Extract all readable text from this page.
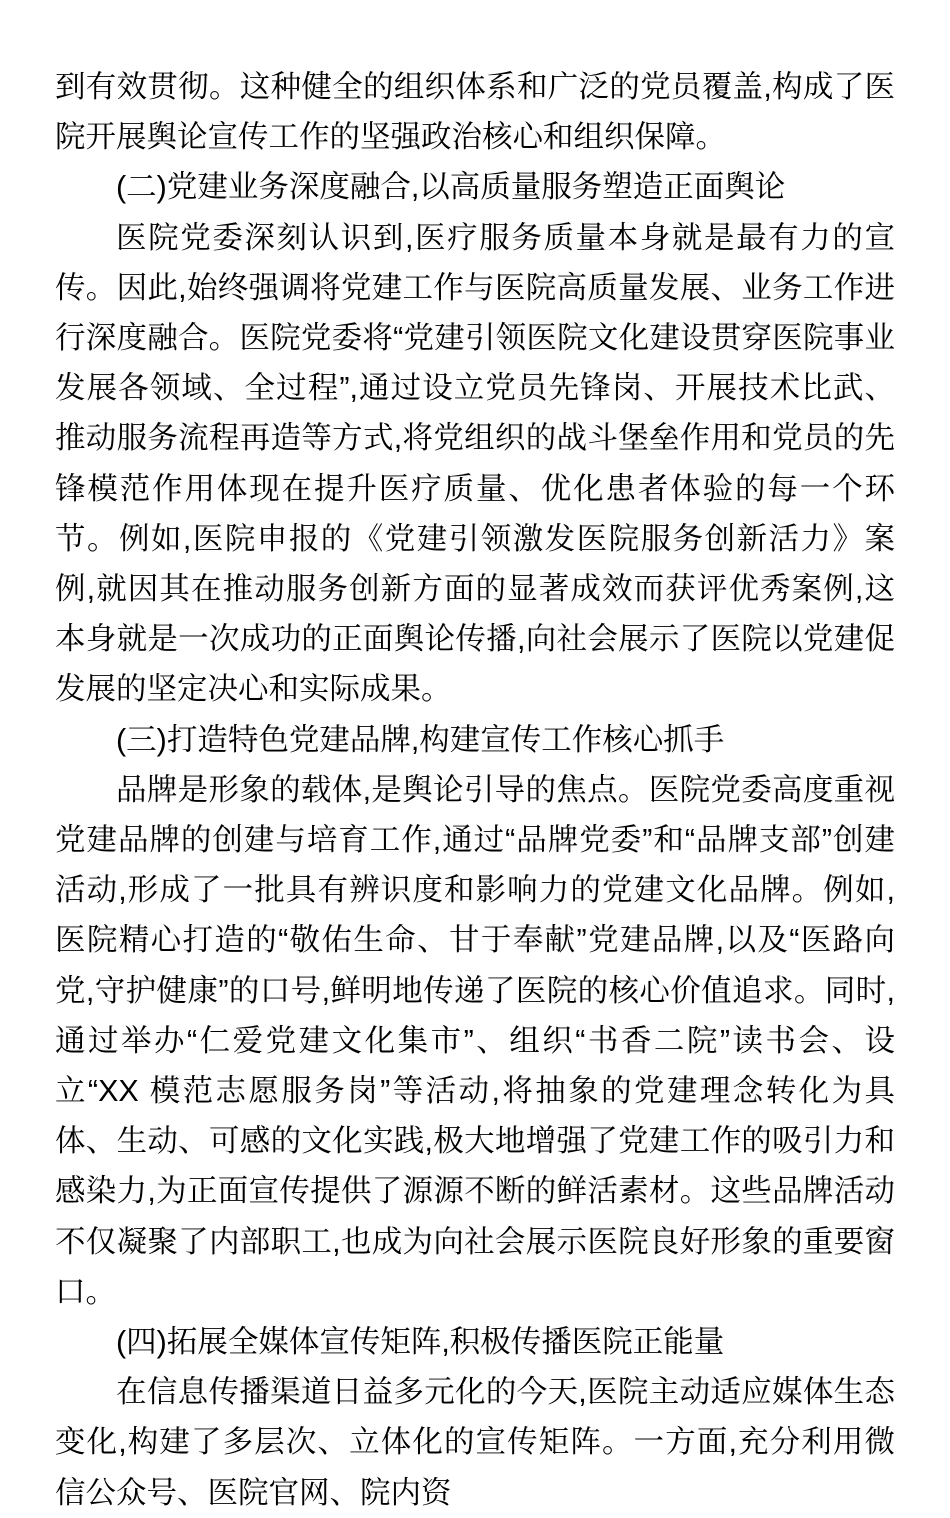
到有效贯彻。这种健全的组织体系和广泛的党员覆盖,构成了医院开展舆论宣传工作的坚强政治核心和组织保障。

(二)党建业务深度融合,以高质量服务塑造正面舆论

医院党委深刻认识到,医疗服务质量本身就是最有力的宣传。因此,始终强调将党建工作与医院高质量发展、业务工作进行深度融合。医院党委将“党建引领医院文化建设贯穿医院事业发展各领域、全过程”,通过设立党员先锋岗、开展技术比武、推动服务流程再造等方式,将党组织的战斗堡垒作用和党员的先锋模范作用体现在提升医疗质量、优化患者体验的每一个环节。例如,医院申报的《党建引领激发医院服务创新活力》案例,就因其在推动服务创新方面的显著成效而获评优秀案例,这本身就是一次成功的正面舆论传播,向社会展示了医院以党建促发展的坚定决心和实际成果。

(三)打造特色党建品牌,构建宣传工作核心抓手

品牌是形象的载体,是舆论引导的焦点。医院党委高度重视党建品牌的创建与培育工作,通过“品牌党委”和“品牌支部”创建活动,形成了一批具有辨识度和影响力的党建文化品牌。例如,医院精心打造的“敬佑生命、甘于奉献”党建品牌,以及“医路向党,守护健康”的口号,鲜明地传递了医院的核心价值追求。同时,通过举办“仁爱党建文化集市”、组织“书香二院”读书会、设立“XX 模范志愿服务岗”等活动,将抽象的党建理念转化为具体、生动、可感的文化实践,极大地增强了党建工作的吸引力和感染力,为正面宣传提供了源源不断的鲜活素材。这些品牌活动不仅凝聚了内部职工,也成为向社会展示医院良好形象的重要窗口。

(四)拓展全媒体宣传矩阵,积极传播医院正能量

在信息传播渠道日益多元化的今天,医院主动适应媒体生态变化,构建了多层次、立体化的宣传矩阵。一方面,充分利用微信公众号、医院官网、院内资
